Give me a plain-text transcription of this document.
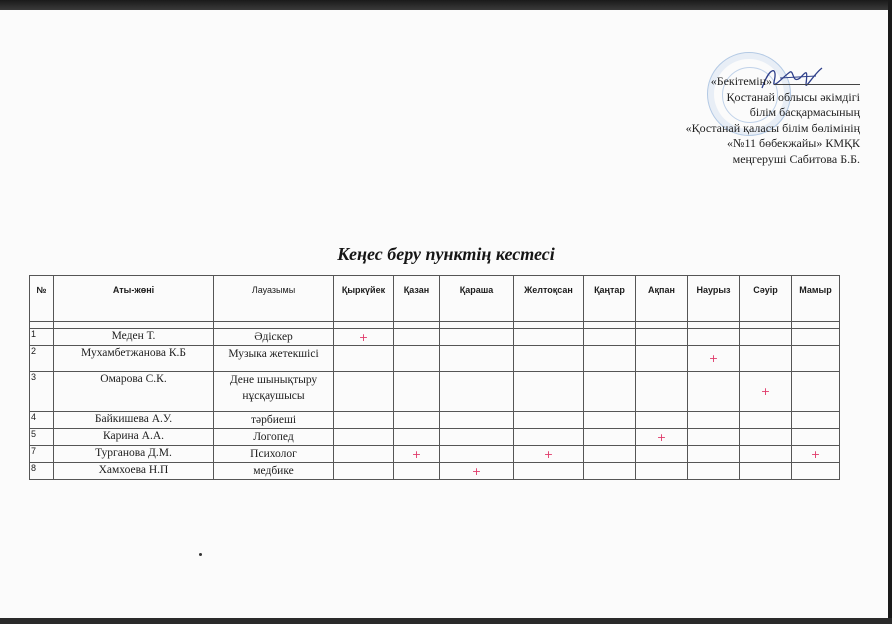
«Бекітемін»
Қостанай облысы әкімдігі
білім басқармасының
«Қостанай қаласы білім бөлімінің
«№11 бөбекжайы» КМҚК
меңгеруші Сабитова Б.Б.
Кеңес беру пунктің кестесі
№	Аты-жөні	Лауазымы	Қыркүйек	Қазан	Қараша	Желтоқсан	Қаңтар	Ақпан	Наурыз	Сәуір	Мамыр

1	Меден Т.	Әдіскер	+								
2	Мухамбетжанова К.Б	Музыка жетекшісі							+		
3	Омарова С.К.	Дене шынықтыру нұсқаушысы								+	
4	Байкишева А.У.	тәрбиеші									
5	Карина А.А.	Логопед						+			
7	Турганова Д.М.	Психолог		+		+					+
8	Хамхоева Н.П	медбике			+						
